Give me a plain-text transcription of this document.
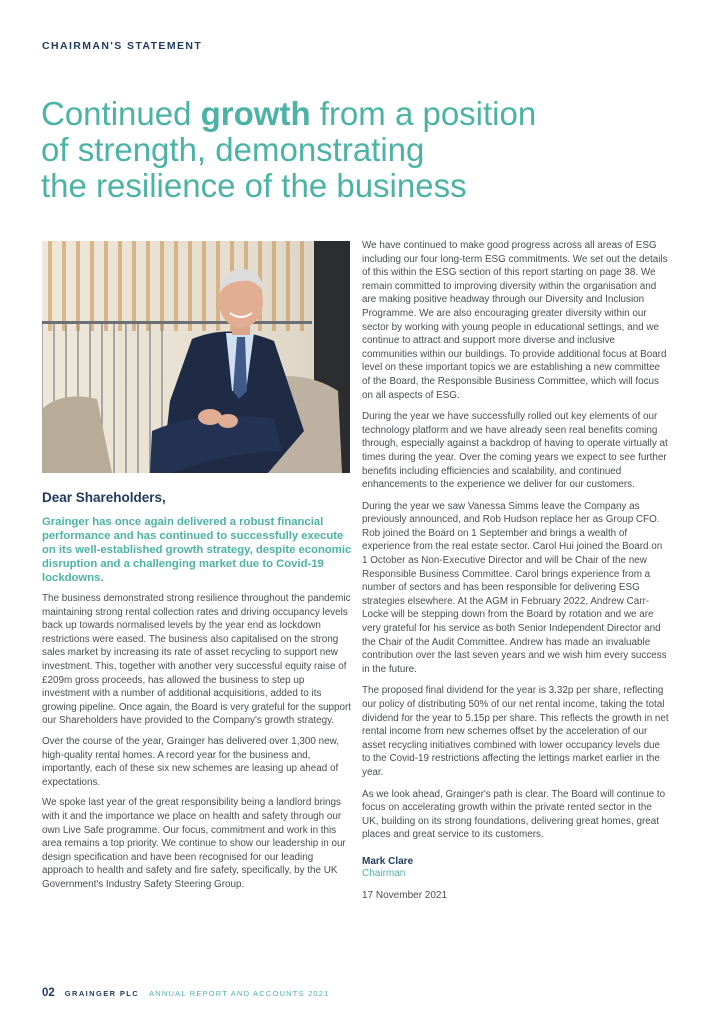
CHAIRMAN'S STATEMENT
Continued growth from a position
of strength, demonstrating
the resilience of the business
Dear Shareholders,

Grainger has once again delivered a robust financial performance and has continued to successfully execute on its well-established growth strategy, despite economic disruption and a challenging market due to Covid-19 lockdowns.

The business demonstrated strong resilience throughout the pandemic maintaining strong rental collection rates and driving occupancy levels back up towards normalised levels by the year end as lockdown restrictions were eased. The business also capitalised on the strong sales market by increasing its rate of asset recycling to support new investment. This, together with another very successful equity raise of £209m gross proceeds, has allowed the business to step up investment with a number of additional acquisitions, added to its growing pipeline. Once again, the Board is very grateful for the support our Shareholders have provided to the Company's growth strategy.

Over the course of the year, Grainger has delivered over 1,300 new, high-quality rental homes. A record year for the business and, importantly, each of these six new schemes are leasing up ahead of expectations.

We spoke last year of the great responsibility being a landlord brings with it and the importance we place on health and safety through our own Live Safe programme. Our focus, commitment and work in this area remains a top priority. We continue to show our leadership in our design specification and have been recognised for our leading approach to health and safety and fire safety, specifically, by the UK Government's Industry Safety Steering Group.

We have continued to make good progress across all areas of ESG including our four long-term ESG commitments. We set out the details of this within the ESG section of this report starting on page 38. We remain committed to improving diversity within the organisation and are making positive headway through our Diversity and Inclusion Programme. We are also encouraging greater diversity within our sector by working with young people in educational settings, and we continue to attract and support more diverse and inclusive communities within our buildings. To provide additional focus at Board level on these important topics we are establishing a new committee of the Board, the Responsible Business Committee, which will focus on all aspects of ESG.

During the year we have successfully rolled out key elements of our technology platform and we have already seen real benefits coming through, especially against a backdrop of having to operate virtually at times during the year. Over the coming years we expect to see further benefits including efficiencies and scalability, and continued enhancements to the experience we deliver for our customers.

During the year we saw Vanessa Simms leave the Company as previously announced, and Rob Hudson replace her as Group CFO. Rob joined the Board on 1 September and brings a wealth of experience from the real estate sector. Carol Hui joined the Board on 1 October as Non-Executive Director and will be Chair of the new Responsible Business Committee. Carol brings experience from a number of sectors and has been responsible for delivering ESG strategies elsewhere. At the AGM in February 2022, Andrew Carr-Locke will be stepping down from the Board by rotation and we are very grateful for his service as both Senior Independent Director and the Chair of the Audit Committee. Andrew has made an invaluable contribution over the last seven years and we wish him every success in the future.

The proposed final dividend for the year is 3.32p per share, reflecting our policy of distributing 50% of our net rental income, taking the total dividend for the year to 5.15p per share. This reflects the growth in net rental income from new schemes offset by the acceleration of our asset recycling initiatives combined with lower occupancy levels due to the Covid-19 restrictions affecting the lettings market earlier in the year.

As we look ahead, Grainger's path is clear. The Board will continue to focus on accelerating growth within the private rented sector in the UK, building on its strong foundations, delivering great homes, great places and great service to its customers.

Mark Clare
Chairman
17 November 2021
02 GRAINGER PLC ANNUAL REPORT AND ACCOUNTS 2021
